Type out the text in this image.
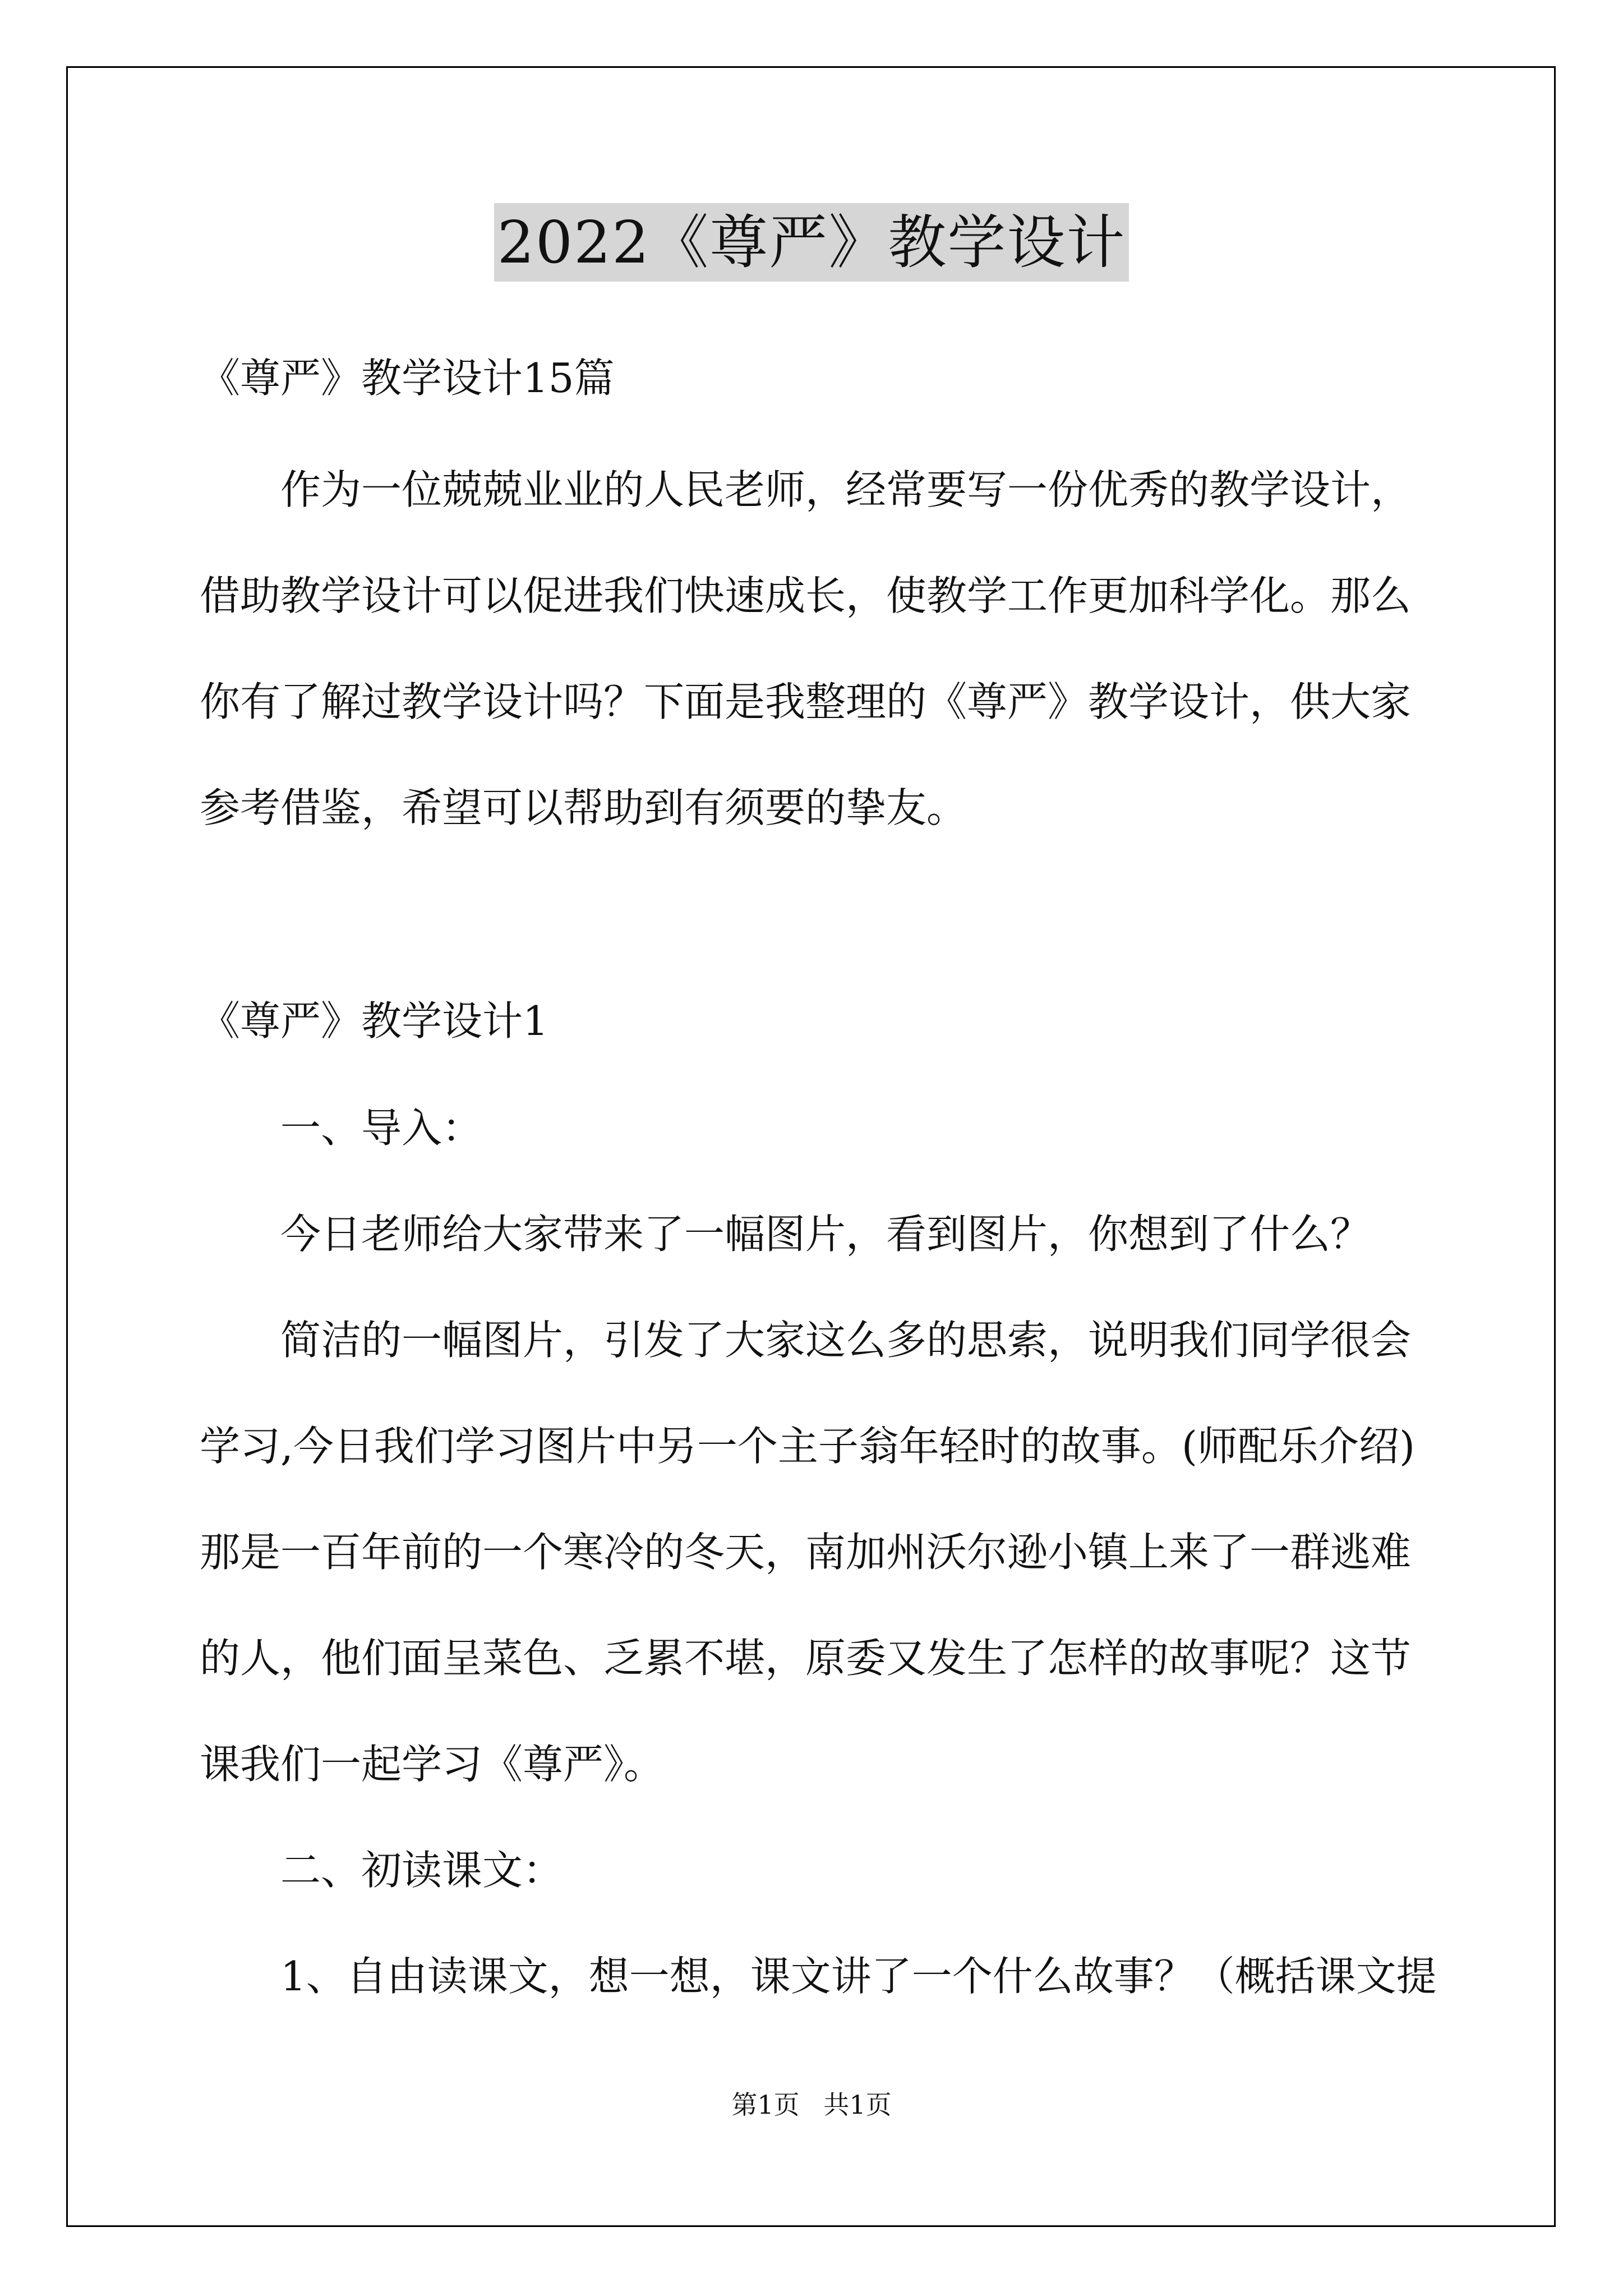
2022《尊严》教学设计
《尊严》教学设计15篇
作为一位兢兢业业的人民老师，经常要写一份优秀的教学设计，
借助教学设计可以促进我们快速成长，使教学工作更加科学化。那么
你有了解过教学设计吗？下面是我整理的《尊严》教学设计，供大家
参考借鉴，希望可以帮助到有须要的挚友。
《尊严》教学设计1
一、导入：
今日老师给大家带来了一幅图片，看到图片，你想到了什么？
简洁的一幅图片，引发了大家这么多的思索，说明我们同学很会
学习,今日我们学习图片中另一个主子翁年轻时的故事。(师配乐介绍)
那是一百年前的一个寒冷的冬天，南加州沃尔逊小镇上来了一群逃难
的人，他们面呈菜色、乏累不堪，原委又发生了怎样的故事呢？这节
课我们一起学习《尊严》。
二、初读课文：
1、自由读课文，想一想，课文讲了一个什么故事？（概括课文提
第1页 共1页
